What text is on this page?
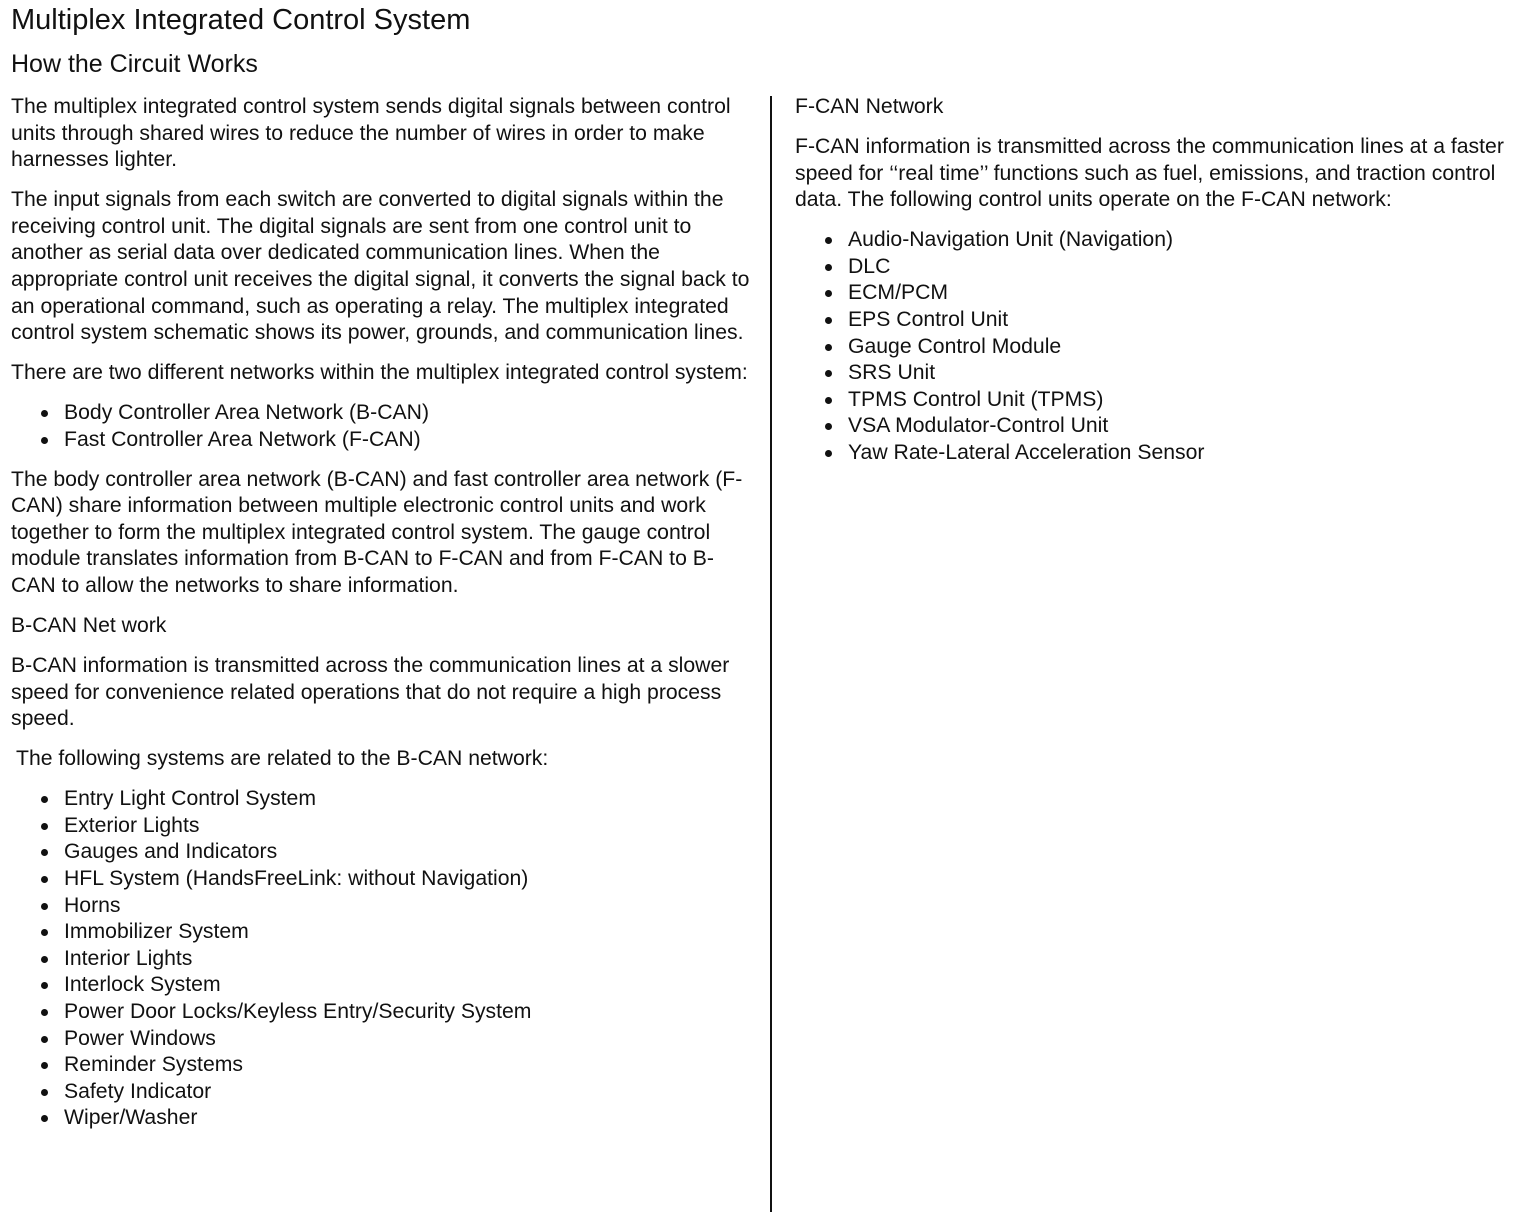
Multiplex Integrated Control System
How the Circuit Works

The multiplex integrated control system sends digital signals between control units through shared wires to reduce the number of wires in order to make harnesses lighter.

The input signals from each switch are converted to digital signals within the receiving control unit. The digital signals are sent from one control unit to another as serial data over dedicated communication lines. When the appropriate control unit receives the digital signal, it converts the signal back to an operational command, such as operating a relay. The multiplex integrated control system schematic shows its power, grounds, and communication lines.

There are two different networks within the multiplex integrated control system:

Body Controller Area Network (B-CAN)
Fast Controller Area Network (F-CAN)

The body controller area network (B-CAN) and fast controller area network (F-CAN) share information between multiple electronic control units and work together to form the multiplex integrated control system. The gauge control module translates information from B-CAN to F-CAN and from F-CAN to B-CAN to allow the networks to share information.

B-CAN Net work

B-CAN information is transmitted across the communication lines at a slower speed for convenience related operations that do not require a high process speed.

The following systems are related to the B-CAN network:

Entry Light Control System
Exterior Lights
Gauges and Indicators
HFL System (HandsFreeLink: without Navigation)
Horns
Immobilizer System
Interior Lights
Interlock System
Power Door Locks/Keyless Entry/Security System
Power Windows
Reminder Systems
Safety Indicator
Wiper/Washer

F-CAN Network

F-CAN information is transmitted across the communication lines at a faster speed for ‘‘real time’’ functions such as fuel, emissions, and traction control data. The following control units operate on the F-CAN network:

Audio-Navigation Unit (Navigation)
DLC
ECM/PCM
EPS Control Unit
Gauge Control Module
SRS Unit
TPMS Control Unit (TPMS)
VSA Modulator-Control Unit
Yaw Rate-Lateral Acceleration Sensor
